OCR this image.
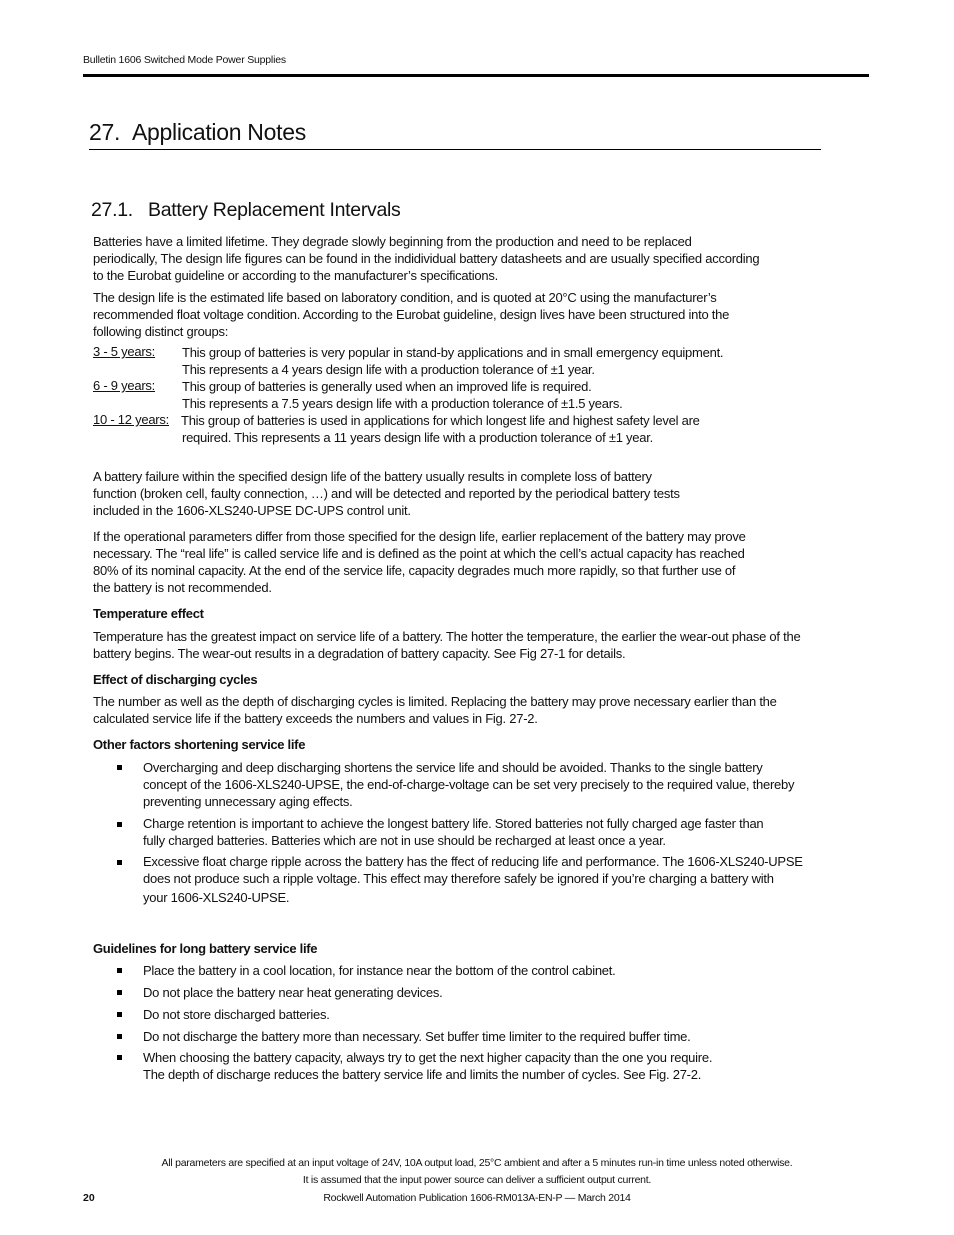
Bulletin 1606 Switched Mode Power Supplies
27. Application Notes
27.1. Battery Replacement Intervals
Batteries have a limited lifetime. They degrade slowly beginning from the production and need to be replaced
periodically, The design life figures can be found in the indidividual battery datasheets and are usually specified according
to the Eurobat guideline or according to the manufacturer’s specifications.
The design life is the estimated life based on laboratory condition, and is quoted at 20°C using the manufacturer’s
recommended float voltage condition. According to the Eurobat guideline, design lives have been structured into the
following distinct groups:
3 - 5 years: This group of batteries is very popular in stand-by applications and in small emergency equipment.
This represents a 4 years design life with a production tolerance of ±1 year.
6 - 9 years: This group of batteries is generally used when an improved life is required.
This represents a 7.5 years design life with a production tolerance of ±1.5 years.
10 - 12 years: This group of batteries is used in applications for which longest life and highest safety level are
required. This represents a 11 years design life with a production tolerance of ±1 year.
A battery failure within the specified design life of the battery usually results in complete loss of battery
function (broken cell, faulty connection, …) and will be detected and reported by the periodical battery tests
included in the 1606-XLS240-UPSE DC-UPS control unit.
If the operational parameters differ from those specified for the design life, earlier replacement of the battery may prove
necessary. The “real life” is called service life and is defined as the point at which the cell’s actual capacity has reached
80% of its nominal capacity. At the end of the service life, capacity degrades much more rapidly, so that further use of
the battery is not recommended.
Temperature effect
Temperature has the greatest impact on service life of a battery. The hotter the temperature, the earlier the wear-out phase of the
battery begins. The wear-out results in a degradation of battery capacity. See Fig 27-1 for details.
Effect of discharging cycles
The number as well as the depth of discharging cycles is limited. Replacing the battery may prove necessary earlier than the
calculated service life if the battery exceeds the numbers and values in Fig. 27-2.
Other factors shortening service life
Overcharging and deep discharging shortens the service life and should be avoided. Thanks to the single battery
concept of the 1606-XLS240-UPSE, the end-of-charge-voltage can be set very precisely to the required value, thereby
preventing unnecessary aging effects.
Charge retention is important to achieve the longest battery life. Stored batteries not fully charged age faster than
fully charged batteries. Batteries which are not in use should be recharged at least once a year.
Excessive float charge ripple across the battery has the ffect of reducing life and performance. The 1606-XLS240-UPSE
does not produce such a ripple voltage. This effect may therefore safely be ignored if you’re charging a battery with
your 1606-XLS240-UPSE.
Guidelines for long battery service life
Place the battery in a cool location, for instance near the bottom of the control cabinet.
Do not place the battery near heat generating devices.
Do not store discharged batteries.
Do not discharge the battery more than necessary. Set buffer time limiter to the required buffer time.
When choosing the battery capacity, always try to get the next higher capacity than the one you require.
The depth of discharge reduces the battery service life and limits the number of cycles. See Fig. 27-2.
All parameters are specified at an input voltage of 24V, 10A output load, 25°C ambient and after a 5 minutes run-in time unless noted otherwise.
It is assumed that the input power source can deliver a sufficient output current.
Rockwell Automation Publication 1606-RM013A-EN-P — March 2014
20
